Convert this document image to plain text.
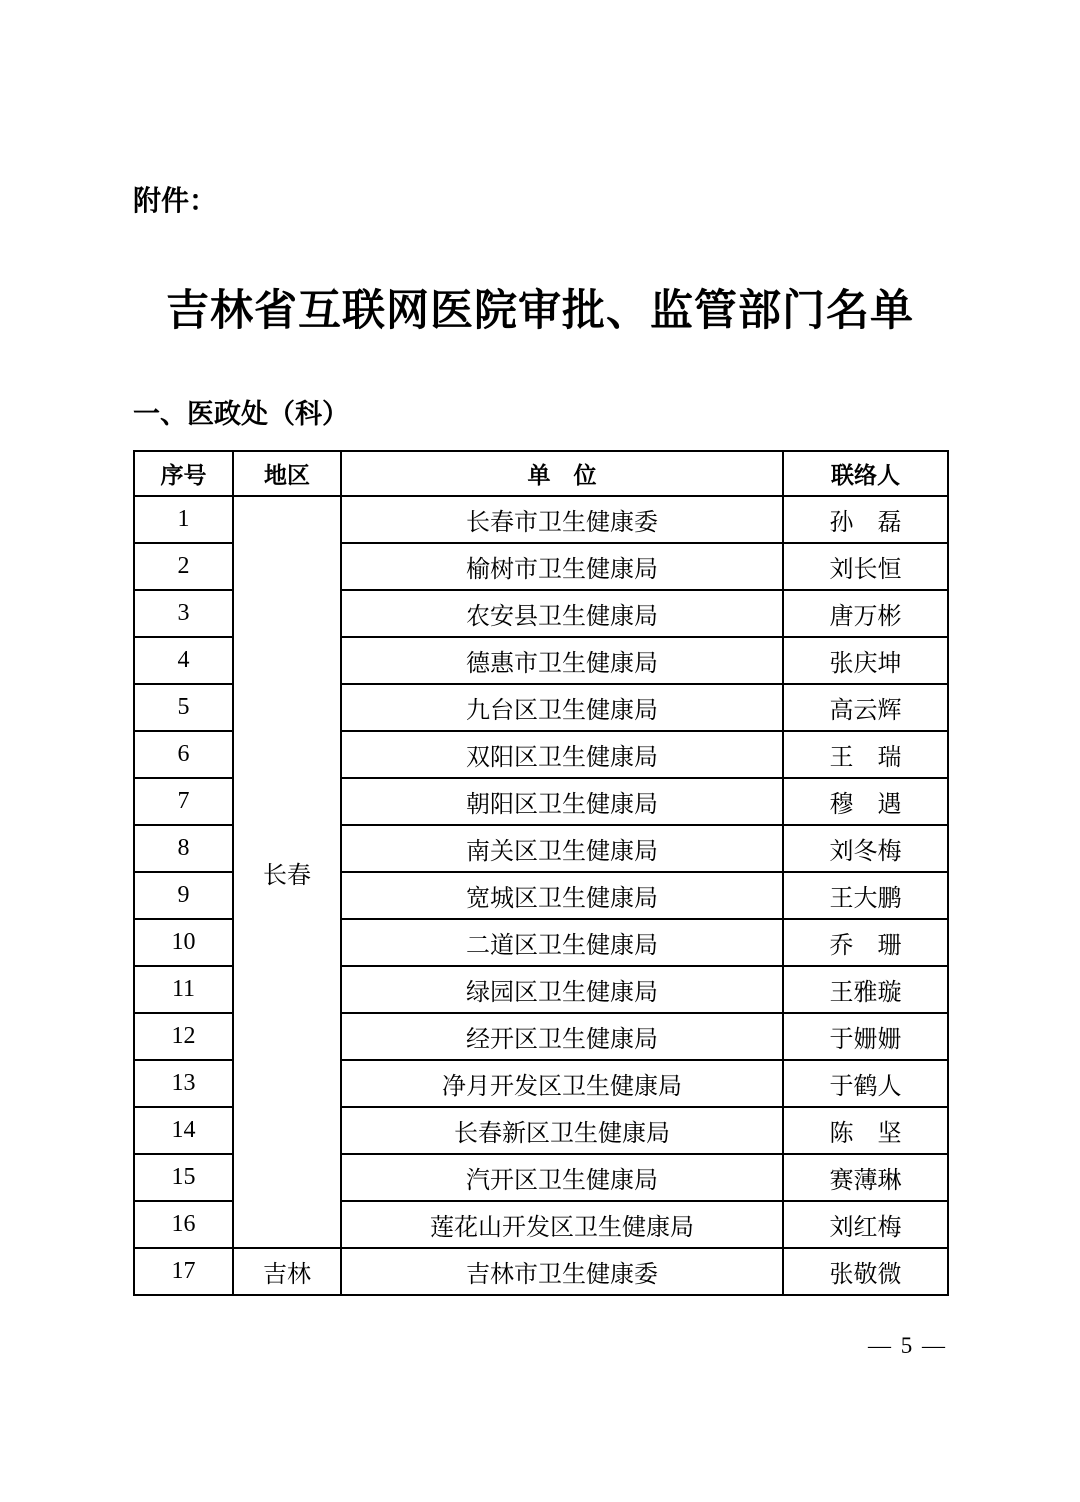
附件：
吉林省互联网医院审批、监管部门名单
一、医政处（科）
序号	地区	单　位	联络人
1	长春	长春市卫生健康委	孙　磊
2		榆树市卫生健康局	刘长恒
3		农安县卫生健康局	唐万彬
4		德惠市卫生健康局	张庆坤
5		九台区卫生健康局	高云辉
6		双阳区卫生健康局	王　瑞
7		朝阳区卫生健康局	穆　遇
8		南关区卫生健康局	刘冬梅
9		宽城区卫生健康局	王大鹏
10		二道区卫生健康局	乔　珊
11		绿园区卫生健康局	王雅璇
12		经开区卫生健康局	于姗姗
13		净月开发区卫生健康局	于鹤人
14		长春新区卫生健康局	陈　坚
15		汽开区卫生健康局	赛薄琳
16		莲花山开发区卫生健康局	刘红梅
17	吉林	吉林市卫生健康委	张敬微
— 5 —
